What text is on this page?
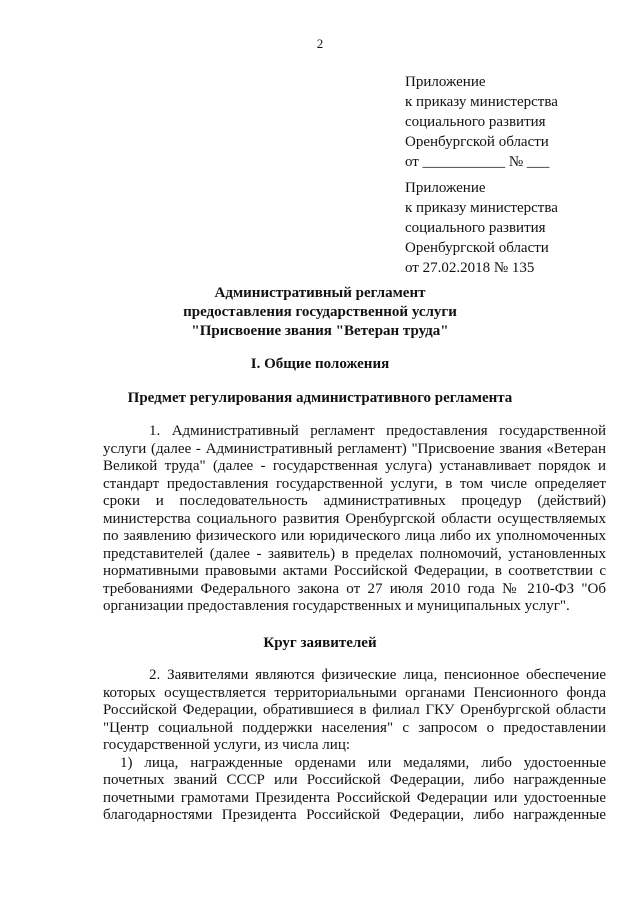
2
Приложение
к приказу министерства
социального развития
Оренбургской области
от ___________ № ___
Приложение
к приказу министерства
социального развития
Оренбургской области
от 27.02.2018 № 135
Административный регламент
предоставления государственной услуги
"Присвоение звания "Ветеран труда"
I. Общие положения
Предмет регулирования административного регламента
1. Административный регламент предоставления государственной
услуги (далее - Административный регламент) "Присвоение звания «Ветеран
Великой труда" (далее - государственная услуга) устанавливает порядок и
стандарт предоставления государственной услуги, в том числе определяет
сроки и последовательность административных процедур (действий)
министерства социального развития Оренбургской области осуществляемых
по заявлению физического или юридического лица либо их уполномоченных
представителей (далее - заявитель) в пределах полномочий, установленных
нормативными правовыми актами Российской Федерации, в соответствии с
требованиями Федерального закона от 27 июля 2010 года № 210-ФЗ "Об
организации предоставления государственных и муниципальных услуг".
Круг заявителей
2. Заявителями являются физические лица, пенсионное обеспечение
которых осуществляется территориальными органами Пенсионного фонда
Российской Федерации, обратившиеся в филиал ГКУ Оренбургской области
"Центр социальной поддержки населения" с запросом о предоставлении
государственной услуги, из числа лиц:
1) лица, награжденные орденами или медалями, либо удостоенные
почетных званий СССР или Российской Федерации, либо награжденные
почетными грамотами Президента Российской Федерации или удостоенные
благодарностями Президента Российской Федерации, либо награжденные
